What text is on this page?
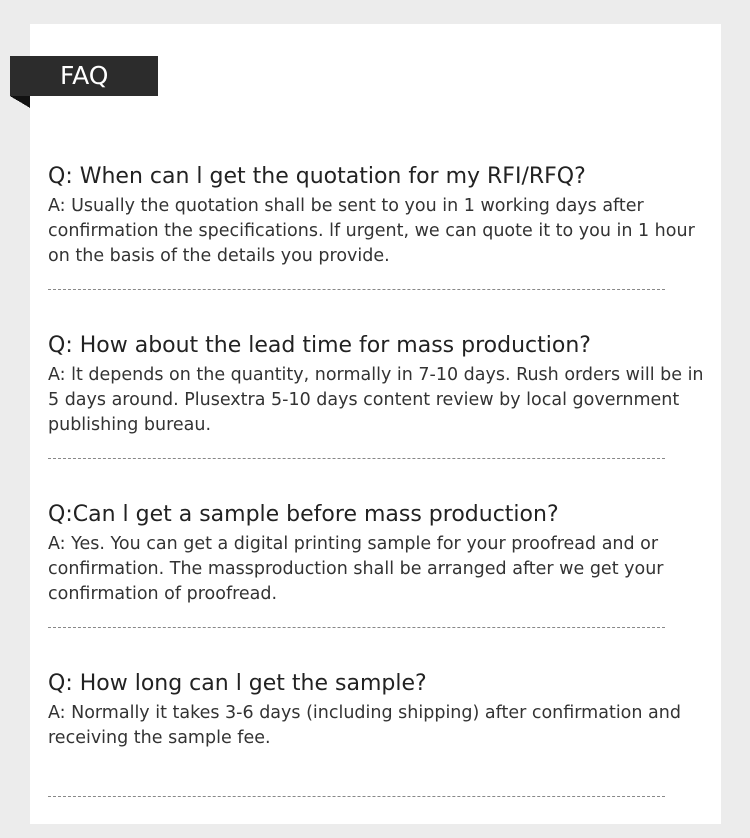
FAQ

Q: When can l get the quotation for my RFI/RFQ?

A: Usually the quotation shall be sent to you in 1 working days after confirmation the specifications. lf urgent, we can quote it to you in 1 hour on the basis of the details you provide.

Q: How about the lead time for mass production?

A: lt depends on the quantity, normally in 7-10 days. Rush orders will be in 5 days around. Plusextra 5-10 days content review by local government publishing bureau.

Q:Can l get a sample before mass production?

A: Yes. You can get a digital printing sample for your proofread and or confirmation. The massproduction shall be arranged after we get your confirmation of proofread.

Q: How long can l get the sample?

A: Normally it takes 3-6 days (including shipping) after confirmation and receiving the sample fee.
